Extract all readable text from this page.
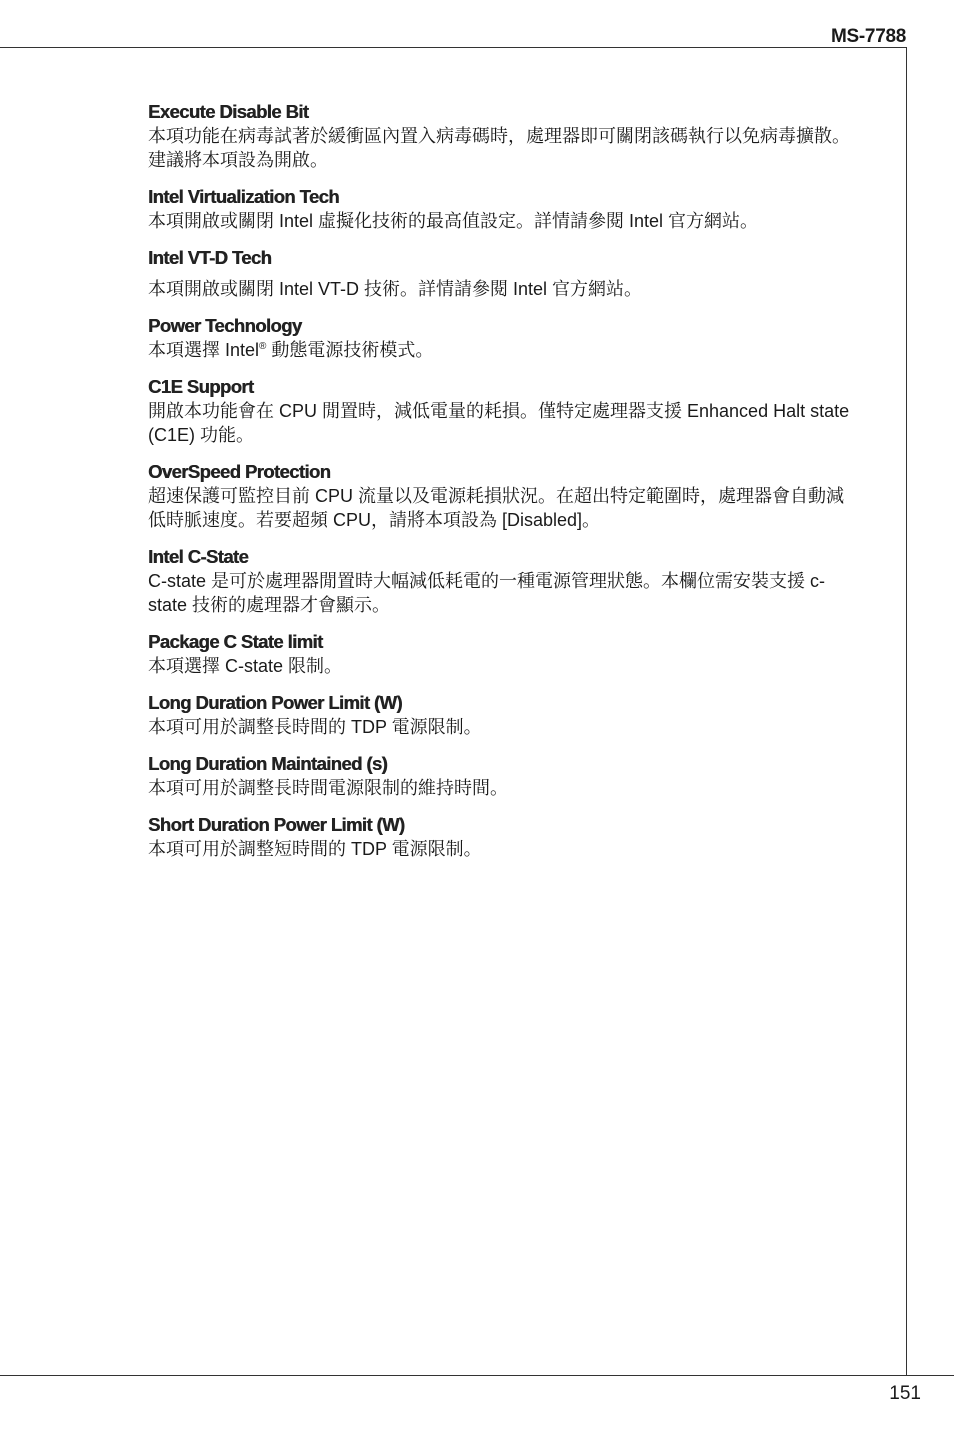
MS-7788
151
Execute Disable Bit
本項功能在病毒試著於緩衝區內置入病毒碼時，處理器即可關閉該碼執行以免病毒擴散。建議將本項設為開啟。
Intel Virtualization Tech
本項開啟或關閉 Intel 虛擬化技術的最高值設定。詳情請參閱 Intel 官方網站。
Intel VT-D Tech
本項開啟或關閉 Intel VT-D 技術。詳情請參閱 Intel 官方網站。
Power Technology
本項選擇 Intel® 動態電源技術模式。
C1E Support
開啟本功能會在 CPU 閒置時，減低電量的耗損。僅特定處理器支援 Enhanced Halt state (C1E) 功能。
OverSpeed Protection
超速保護可監控目前 CPU 流量以及電源耗損狀況。在超出特定範圍時，處理器會自動減低時脈速度。若要超頻 CPU，請將本項設為 [Disabled]。
Intel C-State
C-state 是可於處理器閒置時大幅減低耗電的一種電源管理狀態。本欄位需安裝支援 c-state 技術的處理器才會顯示。
Package C State limit
本項選擇 C-state 限制。
Long Duration Power Limit (W)
本項可用於調整長時間的 TDP 電源限制。
Long Duration Maintained (s)
本項可用於調整長時間電源限制的維持時間。
Short Duration Power Limit (W)
本項可用於調整短時間的 TDP 電源限制。
